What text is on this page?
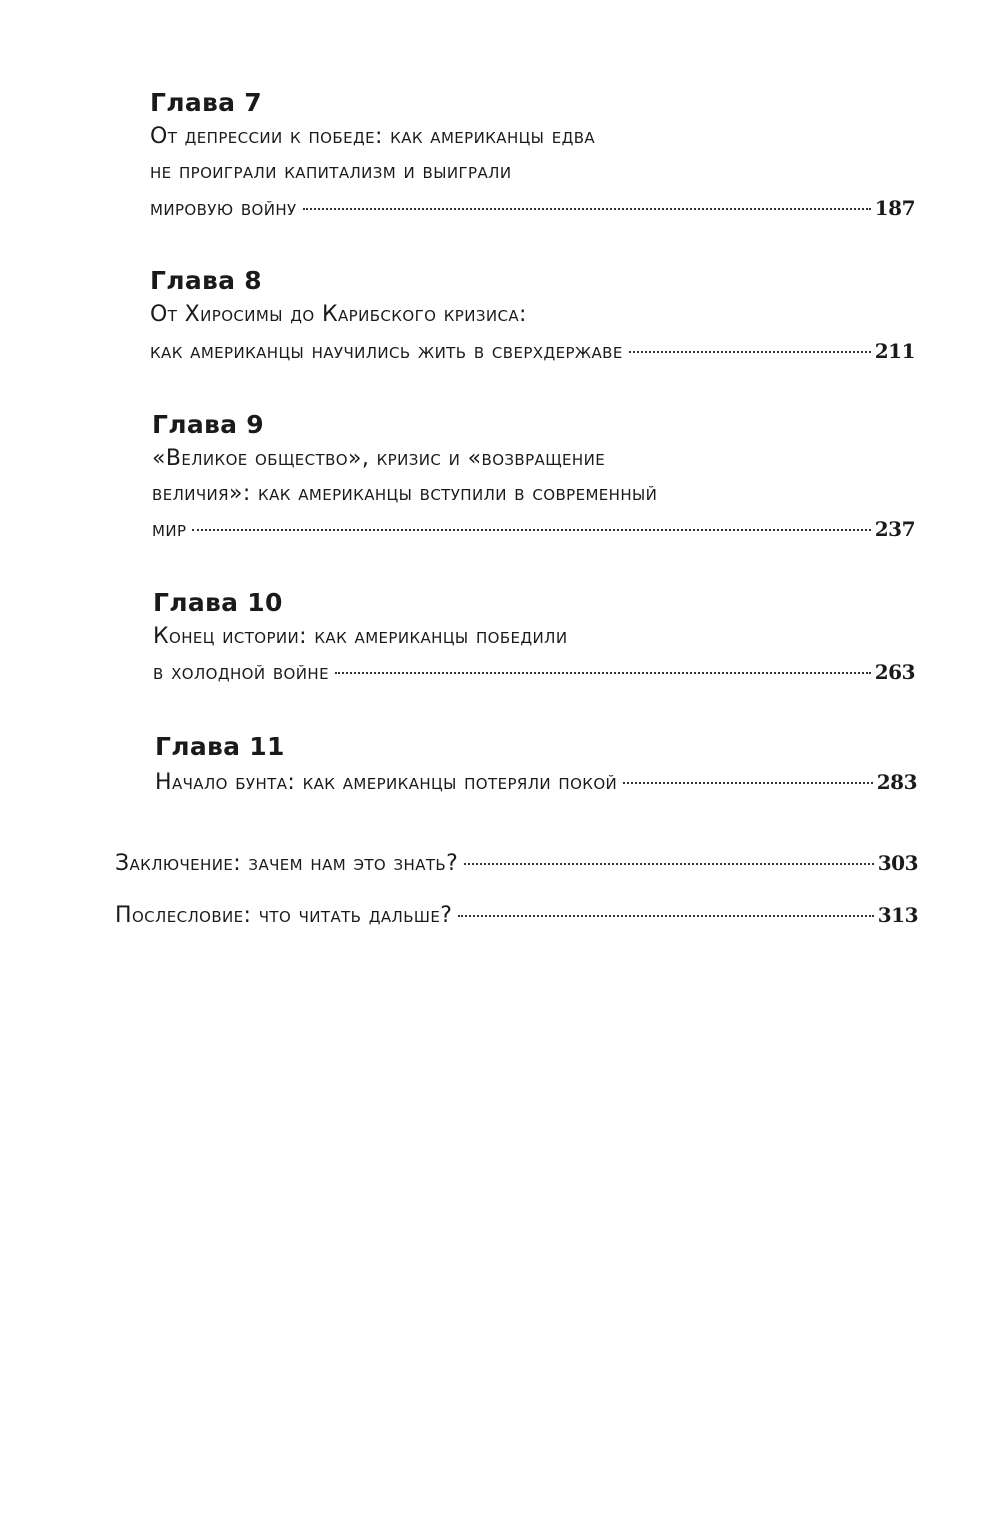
Глава 7
От депрессии к победе: как американцы едва
не проиграли капитализм и выиграли
мировую войну	187
Глава 8
От Хиросимы до Карибского кризиса:
как американцы научились жить в сверхдержаве	211
Глава 9
«Великое общество», кризис и «возвращение
величия»: как американцы вступили в современный
мир	237
Глава 10
Конец истории: как американцы победили
в холодной войне	263
Глава 11
Начало бунта: как американцы потеряли покой	283
Заключение: зачем нам это знать?	303
Послесловие: что читать дальше?	313
